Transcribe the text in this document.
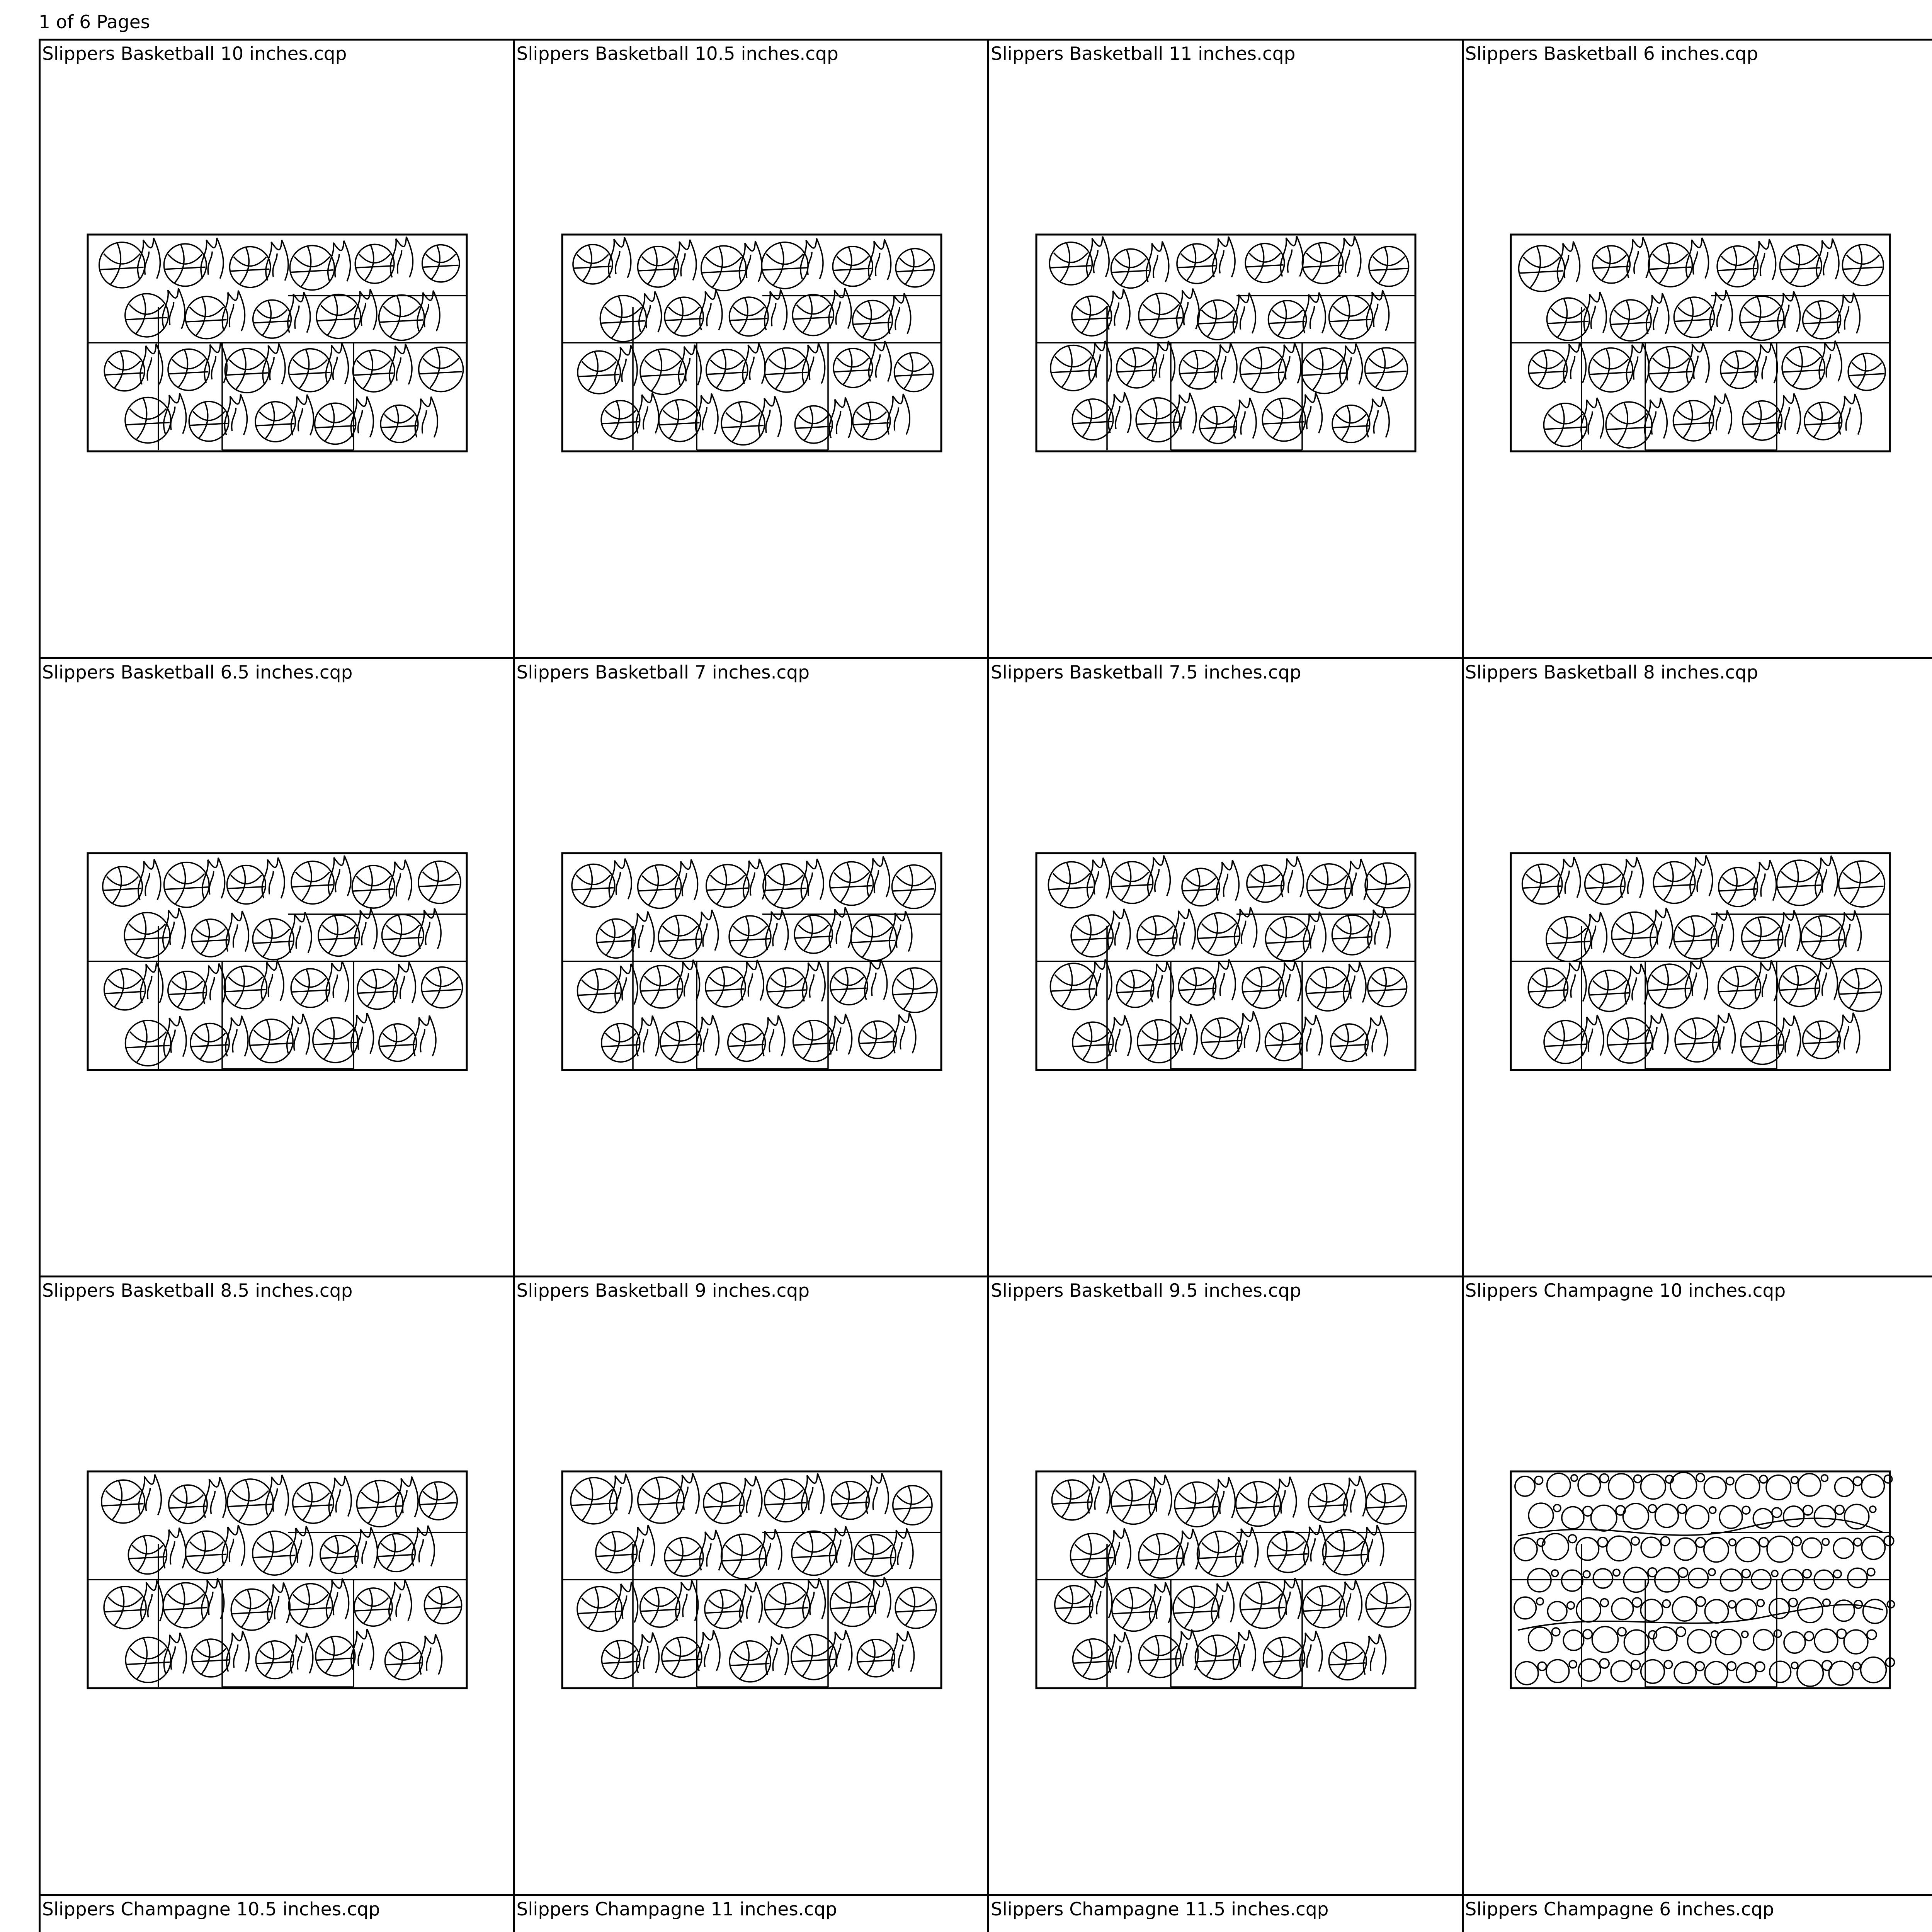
1 of 6 Pages
Slippers Basketball 10 inches.cqp	Slippers Basketball 10.5 inches.cqp	Slippers Basketball 11 inches.cqp	Slippers Basketball 6 inches.cqp
Slippers Basketball 6.5 inches.cqp	Slippers Basketball 7 inches.cqp	Slippers Basketball 7.5 inches.cqp	Slippers Basketball 8 inches.cqp
Slippers Basketball 8.5 inches.cqp	Slippers Basketball 9 inches.cqp	Slippers Basketball 9.5 inches.cqp	Slippers Champagne 10 inches.cqp
Slippers Champagne 10.5 inches.cqp	Slippers Champagne 11 inches.cqp	Slippers Champagne 11.5 inches.cqp	Slippers Champagne 6 inches.cqp
